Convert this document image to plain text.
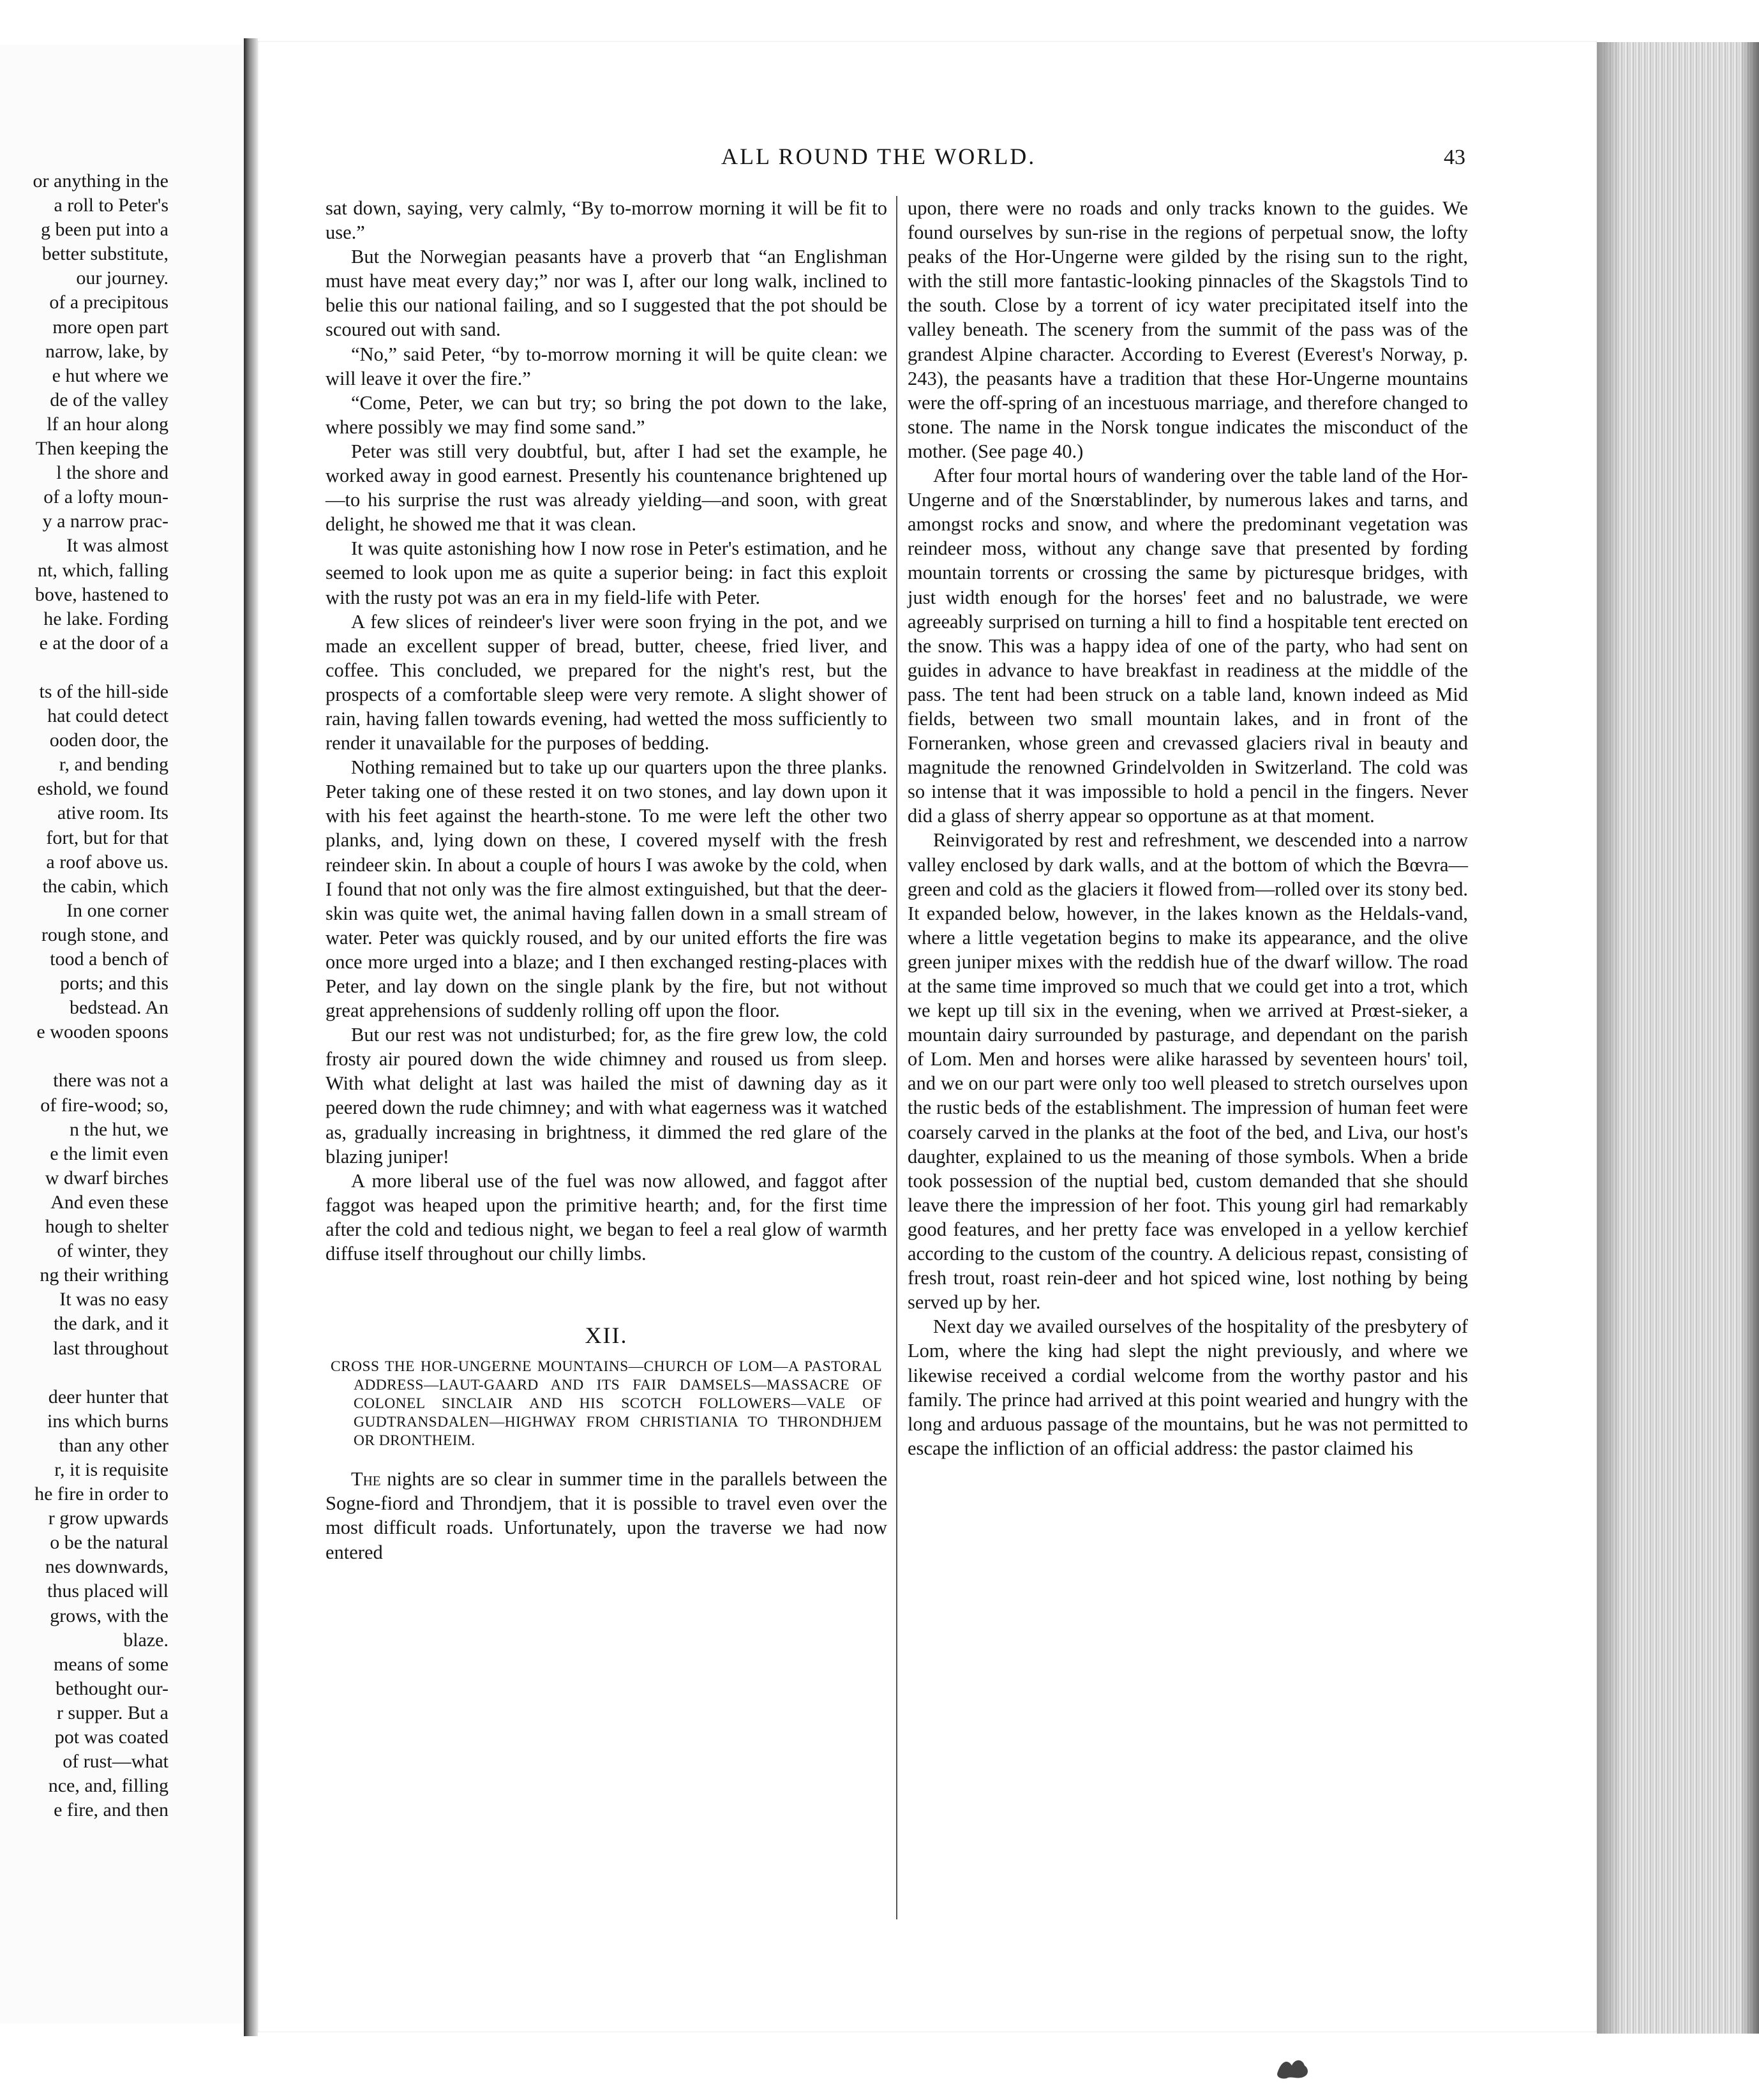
or anything in the
a roll to Peter's
g been put into a
better substitute,
our journey.
of a precipitous
more open part
narrow, lake, by
e hut where we
de of the valley
lf an hour along
Then keeping the
l the shore and
of a lofty moun-
y a narrow prac-
It was almost
nt, which, falling
bove, hastened to
he lake. Fording
e at the door of a
ts of the hill-side
hat could detect
ooden door, the
r, and bending
eshold, we found
ative room. Its
fort, but for that
a roof above us.
the cabin, which
In one corner
rough stone, and
tood a bench of
ports; and this
bedstead. An
e wooden spoons
there was not a
of fire-wood; so,
n the hut, we
e the limit even
w dwarf birches
And even these
hough to shelter
of winter, they
ng their writhing
It was no easy
the dark, and it
last throughout
deer hunter that
ins which burns
than any other
r, it is requisite
he fire in order to
r grow upwards
o be the natural
nes downwards,
thus placed will
grows, with the
blaze.
means of some
bethought our-
r supper. But a
pot was coated
of rust—what
nce, and, filling
e fire, and then
ALL ROUND THE WORLD.	43

sat down, saying, very calmly, “By to-morrow morning it will be fit to use.”

But the Norwegian peasants have a proverb that “an Englishman must have meat every day;” nor was I, after our long walk, inclined to belie this our national failing, and so I suggested that the pot should be scoured out with sand.

“No,” said Peter, “by to-morrow morning it will be quite clean: we will leave it over the fire.”

“Come, Peter, we can but try; so bring the pot down to the lake, where possibly we may find some sand.”

Peter was still very doubtful, but, after I had set the example, he worked away in good earnest. Presently his countenance brightened up—to his surprise the rust was already yielding—and soon, with great delight, he showed me that it was clean.

It was quite astonishing how I now rose in Peter's estimation, and he seemed to look upon me as quite a superior being: in fact this exploit with the rusty pot was an era in my field-life with Peter.

A few slices of reindeer's liver were soon frying in the pot, and we made an excellent supper of bread, butter, cheese, fried liver, and coffee. This concluded, we prepared for the night's rest, but the prospects of a comfortable sleep were very remote. A slight shower of rain, having fallen towards evening, had wetted the moss sufficiently to render it unavailable for the purposes of bedding.

Nothing remained but to take up our quarters upon the three planks. Peter taking one of these rested it on two stones, and lay down upon it with his feet against the hearth-stone. To me were left the other two planks, and, lying down on these, I covered myself with the fresh reindeer skin. In about a couple of hours I was awoke by the cold, when I found that not only was the fire almost extinguished, but that the deer-skin was quite wet, the animal having fallen down in a small stream of water. Peter was quickly roused, and by our united efforts the fire was once more urged into a blaze; and I then exchanged resting-places with Peter, and lay down on the single plank by the fire, but not without great apprehensions of suddenly rolling off upon the floor.

But our rest was not undisturbed; for, as the fire grew low, the cold frosty air poured down the wide chimney and roused us from sleep. With what delight at last was hailed the mist of dawning day as it peered down the rude chimney; and with what eagerness was it watched as, gradually increasing in brightness, it dimmed the red glare of the blazing juniper!

A more liberal use of the fuel was now allowed, and faggot after faggot was heaped upon the primitive hearth; and, for the first time after the cold and tedious night, we began to feel a real glow of warmth diffuse itself throughout our chilly limbs.

XII.
CROSS THE HOR-UNGERNE MOUNTAINS—CHURCH OF LOM—A PASTORAL ADDRESS—LAUT-GAARD AND ITS FAIR DAMSELS—MASSACRE OF COLONEL SINCLAIR AND HIS SCOTCH FOLLOWERS—VALE OF GUDTRANSDALEN—HIGHWAY FROM CHRISTIANIA TO THRONDHJEM OR DRONTHEIM.

The nights are so clear in summer time in the parallels between the Sogne-fiord and Throndjem, that it is possible to travel even over the most difficult roads. Unfortunately, upon the traverse we had now entered

upon, there were no roads and only tracks known to the guides. We found ourselves by sun-rise in the regions of perpetual snow, the lofty peaks of the Hor-Ungerne were gilded by the rising sun to the right, with the still more fantastic-looking pinnacles of the Skagstols Tind to the south. Close by a torrent of icy water precipitated itself into the valley beneath. The scenery from the summit of the pass was of the grandest Alpine character. According to Everest (Everest's Norway, p. 243), the peasants have a tradition that these Hor-Ungerne mountains were the off-spring of an incestuous marriage, and therefore changed to stone. The name in the Norsk tongue indicates the misconduct of the mother. (See page 40.)

After four mortal hours of wandering over the table land of the Hor-Ungerne and of the Snœrstablinder, by numerous lakes and tarns, and amongst rocks and snow, and where the predominant vegetation was reindeer moss, without any change save that presented by fording mountain torrents or crossing the same by picturesque bridges, with just width enough for the horses' feet and no balustrade, we were agreeably surprised on turning a hill to find a hospitable tent erected on the snow. This was a happy idea of one of the party, who had sent on guides in advance to have breakfast in readiness at the middle of the pass. The tent had been struck on a table land, known indeed as Mid fields, between two small mountain lakes, and in front of the Forneranken, whose green and crevassed glaciers rival in beauty and magnitude the renowned Grindelvolden in Switzerland. The cold was so intense that it was impossible to hold a pencil in the fingers. Never did a glass of sherry appear so opportune as at that moment.

Reinvigorated by rest and refreshment, we descended into a narrow valley enclosed by dark walls, and at the bottom of which the Bœvra—green and cold as the glaciers it flowed from—rolled over its stony bed. It expanded below, however, in the lakes known as the Heldals-vand, where a little vegetation begins to make its appearance, and the olive green juniper mixes with the reddish hue of the dwarf willow. The road at the same time improved so much that we could get into a trot, which we kept up till six in the evening, when we arrived at Prœst-sieker, a mountain dairy surrounded by pasturage, and dependant on the parish of Lom. Men and horses were alike harassed by seventeen hours' toil, and we on our part were only too well pleased to stretch ourselves upon the rustic beds of the establishment. The impression of human feet were coarsely carved in the planks at the foot of the bed, and Liva, our host's daughter, explained to us the meaning of those symbols. When a bride took possession of the nuptial bed, custom demanded that she should leave there the impression of her foot. This young girl had remarkably good features, and her pretty face was enveloped in a yellow kerchief according to the custom of the country. A delicious repast, consisting of fresh trout, roast rein-deer and hot spiced wine, lost nothing by being served up by her.

Next day we availed ourselves of the hospitality of the presbytery of Lom, where the king had slept the night previously, and where we likewise received a cordial welcome from the worthy pastor and his family. The prince had arrived at this point wearied and hungry with the long and arduous passage of the mountains, but he was not permitted to escape the infliction of an official address: the pastor claimed his
